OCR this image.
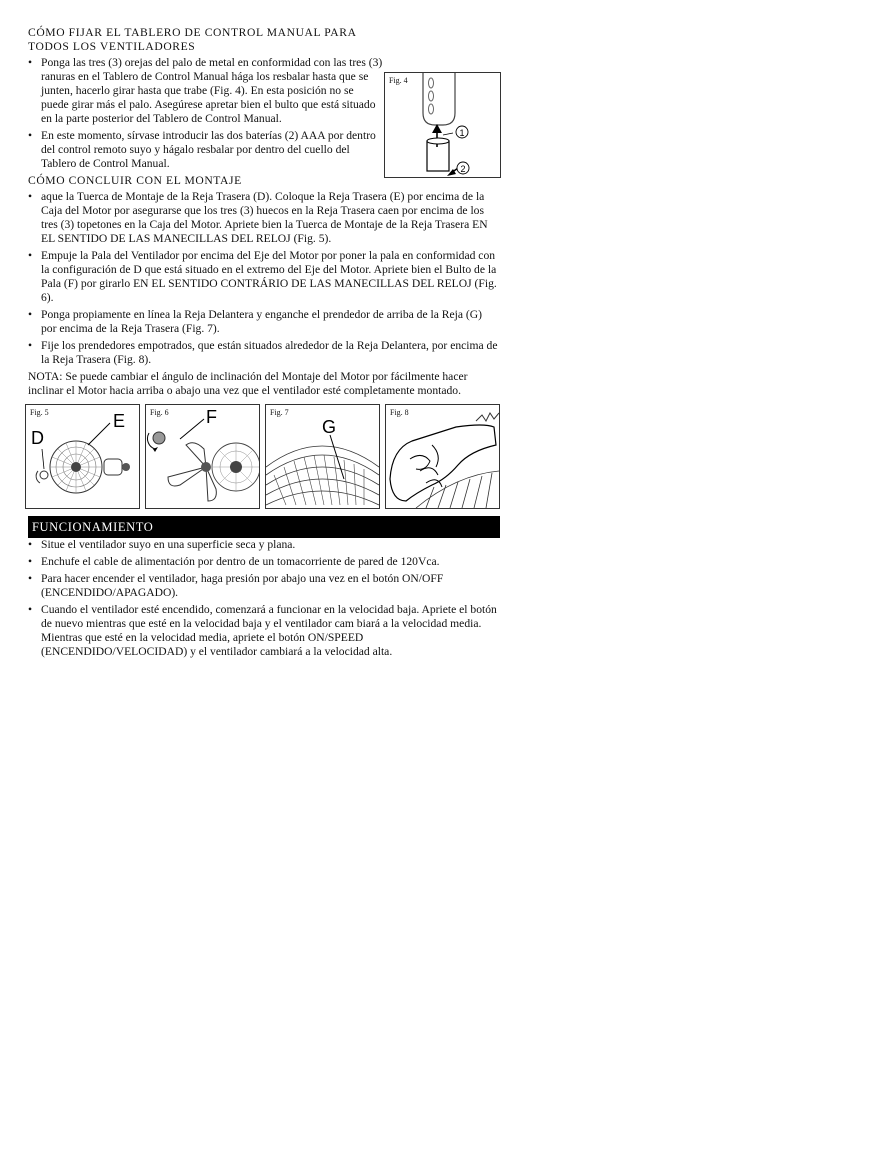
CÓMO FIJAR EL TABLERO DE CONTROL MANUAL PARA TODOS LOS VENTILADORES
• Ponga las tres (3) orejas del palo de metal en conformidad con las tres (3) ranuras en el Tablero de Control Manual hága los resbalar hasta que se junten, hacerlo girar hasta que trabe (Fig. 4). En esta posición no se puede girar más el palo. Asegúrese apretar bien el bulto que está situado en la parte posterior del Tablero de Control Manual.
• En este momento, sírvase introducir las dos baterías (2) AAA por dentro del control remoto suyo y hágalo resbalar por dentro del cuello del Tablero de Control Manual.
Fig. 4
1
2
CÓMO CONCLUIR CON EL MONTAJE
• aque la Tuerca de Montaje de la Reja Trasera (D). Coloque la Reja Trasera (E) por encima de la Caja del Motor por asegurarse que los tres (3) huecos en la Reja Trasera caen por encima de los tres (3) topetones en la Caja del Motor. Apriete bien la Tuerca de Montaje de la Reja Trasera EN EL SENTIDO DE LAS MANECILLAS DEL RELOJ (Fig. 5).
• Empuje la Pala del Ventilador por encima del Eje del Motor por poner la pala en conformidad con la configuración de D que está situado en el extremo del Eje del Motor. Apriete bien el Bulto de la Pala (F) por girarlo EN EL SENTIDO CONTRÁRIO DE LAS MANECILLAS DEL RELOJ (Fig. 6).
• Ponga propiamente en línea la Reja Delantera y enganche el prendedor de arriba de la Reja (G) por encima de la Reja Trasera (Fig. 7).
• Fije los prendedores empotrados, que están situados alrededor de la Reja Delantera, por encima de la Reja Trasera (Fig. 8).

NOTA: Se puede cambiar el ángulo de inclinación del Montaje del Motor por fácilmente hacer inclinar el Motor hacia arriba o abajo una vez que el ventilador esté completamente montado.

Fig. 5	E
D
Fig. 6 F	Fig. 7
G
Fig. 8
FUNCIONAMIENTO
• Situe el ventilador suyo en una superficie seca y plana.
• Enchufe el cable de alimentación por dentro de un tomacorriente de pared de 120Vca.
• Para hacer encender el ventilador, haga presión por abajo una vez en el botón ON/OFF (ENCENDIDO/APAGADO).
• Cuando el ventilador esté encendido, comenzará a funcionar en la velocidad baja. Apriete el botón de nuevo mientras que esté en la velocidad baja y el ventilador cam biará a la velocidad media. Mientras que esté en la velocidad media, apriete el botón ON/SPEED (ENCENDIDO/VELOCIDAD) y el ventilador cambiará a la velocidad alta.
